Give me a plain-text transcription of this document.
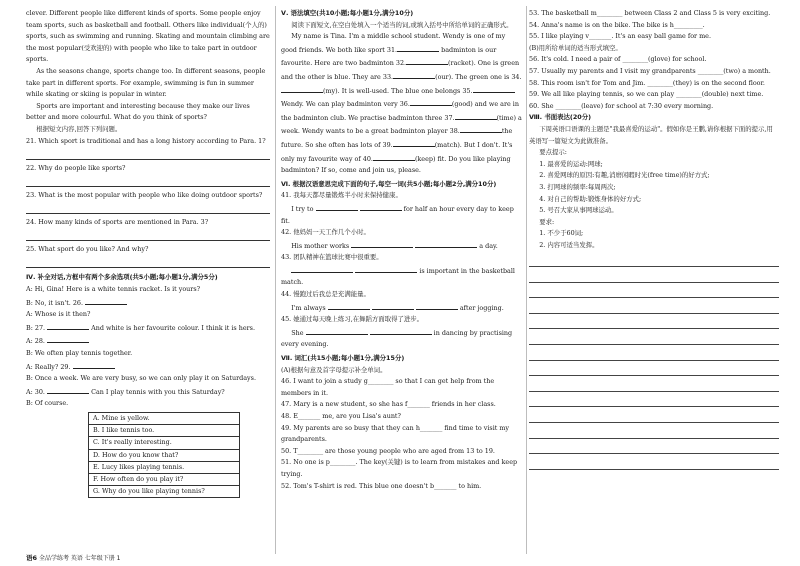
clever. Different people like different kinds of sports. Some people enjoy team sports, such as basketball and football. Others like individual(个人的) sports, such as swimming and running. Skating and mountain climbing are the most popular(受欢迎的) with people who like to take part in outdoor sports.

As the seasons change, sports change too. In different seasons, people take part in different sports. For example, swimming is fun in summer while skating or skiing is popular in winter.

Sports are important and interesting because they make our lives better and more colourful. What do you think of sports?

根据短文内容,回答下列问题。

21. Which sport is traditional and has a long history according to Para. 1?

22. Why do people like sports?

23. What is the most popular with people who like doing outdoor sports?

24. How many kinds of sports are mentioned in Para. 3?

25. What sport do you like? And why?

Ⅳ. 补全对话,方框中有两个多余选项(共5小题;每小题1分,满分5分)

A: Hi, Gina! Here is a white tennis racket. Is it yours?

B: No, it isn't. 26.

A: Whose is it then?

B: 27.	And white is her favourite colour. I think it is hers.

A: 28.

B: We often play tennis together.

A: Really? 29.

B: Once a week. We are very busy, so we can only play it on Saturdays.

A: 30.	Can I play tennis with you this Saturday?

B: Of course.

A. Mine is yellow.
B. I like tennis too.
C. It's really interesting.
D. How do you know that?
E. Lucy likes playing tennis.
F. How often do you play it?
G. Why do you like playing tennis?

Ⅴ. 语法填空(共10小题;每小题1分,满分10分)

阅读下面短文,在空白处填入一个适当的词,或填入括号中所给单词的正确形式。

My name is Tina. I'm a middle school student. Wendy is one of my good friends. We both like sport 31.	badminton is our favourite. Here are two badminton 32.	(racket). One is green and the other is blue. They are 33.	(our). The green one is 34.(my). It is well-used. The blue one belongs 35.Wendy. We can play badminton very 36.	(good) and we are in the badminton club. We practise badminton three 37.	(time) a week. Wendy wants to be a great badminton player 38.	the future. So she often has lots of 39.	(match). But I don't. It's only my favourite way of 40.	(keep) fit. Do you like playing badminton? If so, come and join us, please.

Ⅵ. 根据汉语意思完成下面的句子,每空一词(共5小题;每小题2分,满分10分)

41. 我每天都尽量锻炼半小时来保持健康。

I try to	for half an hour every day to keep fit.

42. 他妈妈一天工作几个小时。

His mother works	a day.

43. 团队精神在篮球比赛中很重要。

is important in the basketball match.

44. 慢跑过后我总是充满能量。

I'm always	after jogging.

45. 她通过每天晚上练习,在舞蹈方面取得了进步。

She	in dancing by practising every evening.

Ⅶ. 词汇(共15小题;每小题1分,满分15分)

(A)根据句意及首字母提示补全单词。

46. I want to join a study g________ so that I can get help from the members in it.

47. Mary is a new student, so she has f_______ friends in her class.

48. E_______ me, are you Lisa's aunt?

49. My parents are so busy that they can h_______ find time to visit my grandparents.

50. T________ are those young people who are aged from 13 to 19.

51. No one is p________. The key(关键) is to learn from mistakes and keep trying.

52. Tom's T-shirt is red. This blue one doesn't b_______ to him.

53. The basketball m________ between Class 2 and Class 5 is very exciting.

54. Anna's name is on the bike. The bike is h_________.

55. I like playing v_______. It's an easy ball game for me.

(B)用所给单词的适当形式填空。

56. It's cold. I need a pair of ________(glove) for school.

57. Usually my parents and I visit my grandparents ________(two) a month.

58. This room isn't for Tom and Jim. ________(they) is on the second floor.

59. We all like playing tennis, so we can play ________(double) next time.

60. She ________(leave) for school at 7:30 every morning.

Ⅷ. 书面表达(20分)

下周英语口语课的主题是"我最喜爱的运动"。假如你是王鹏,请你根据下面的提示,用英语写一篇短文为此做准备。

要点提示:

1. 最喜爱的运动:网球;

2. 喜爱网球的原因:有趣,消磨闲暇时光(free time)的好方式;

3. 打网球的频率:每周两次;

4. 对自己的帮助:锻炼身体的好方式;

5. 号召大家从事网球运动。

要求:

1. 不少于60词;

2. 内容可适当发挥。

语6 全品学练考 英语 七年级下册 1
